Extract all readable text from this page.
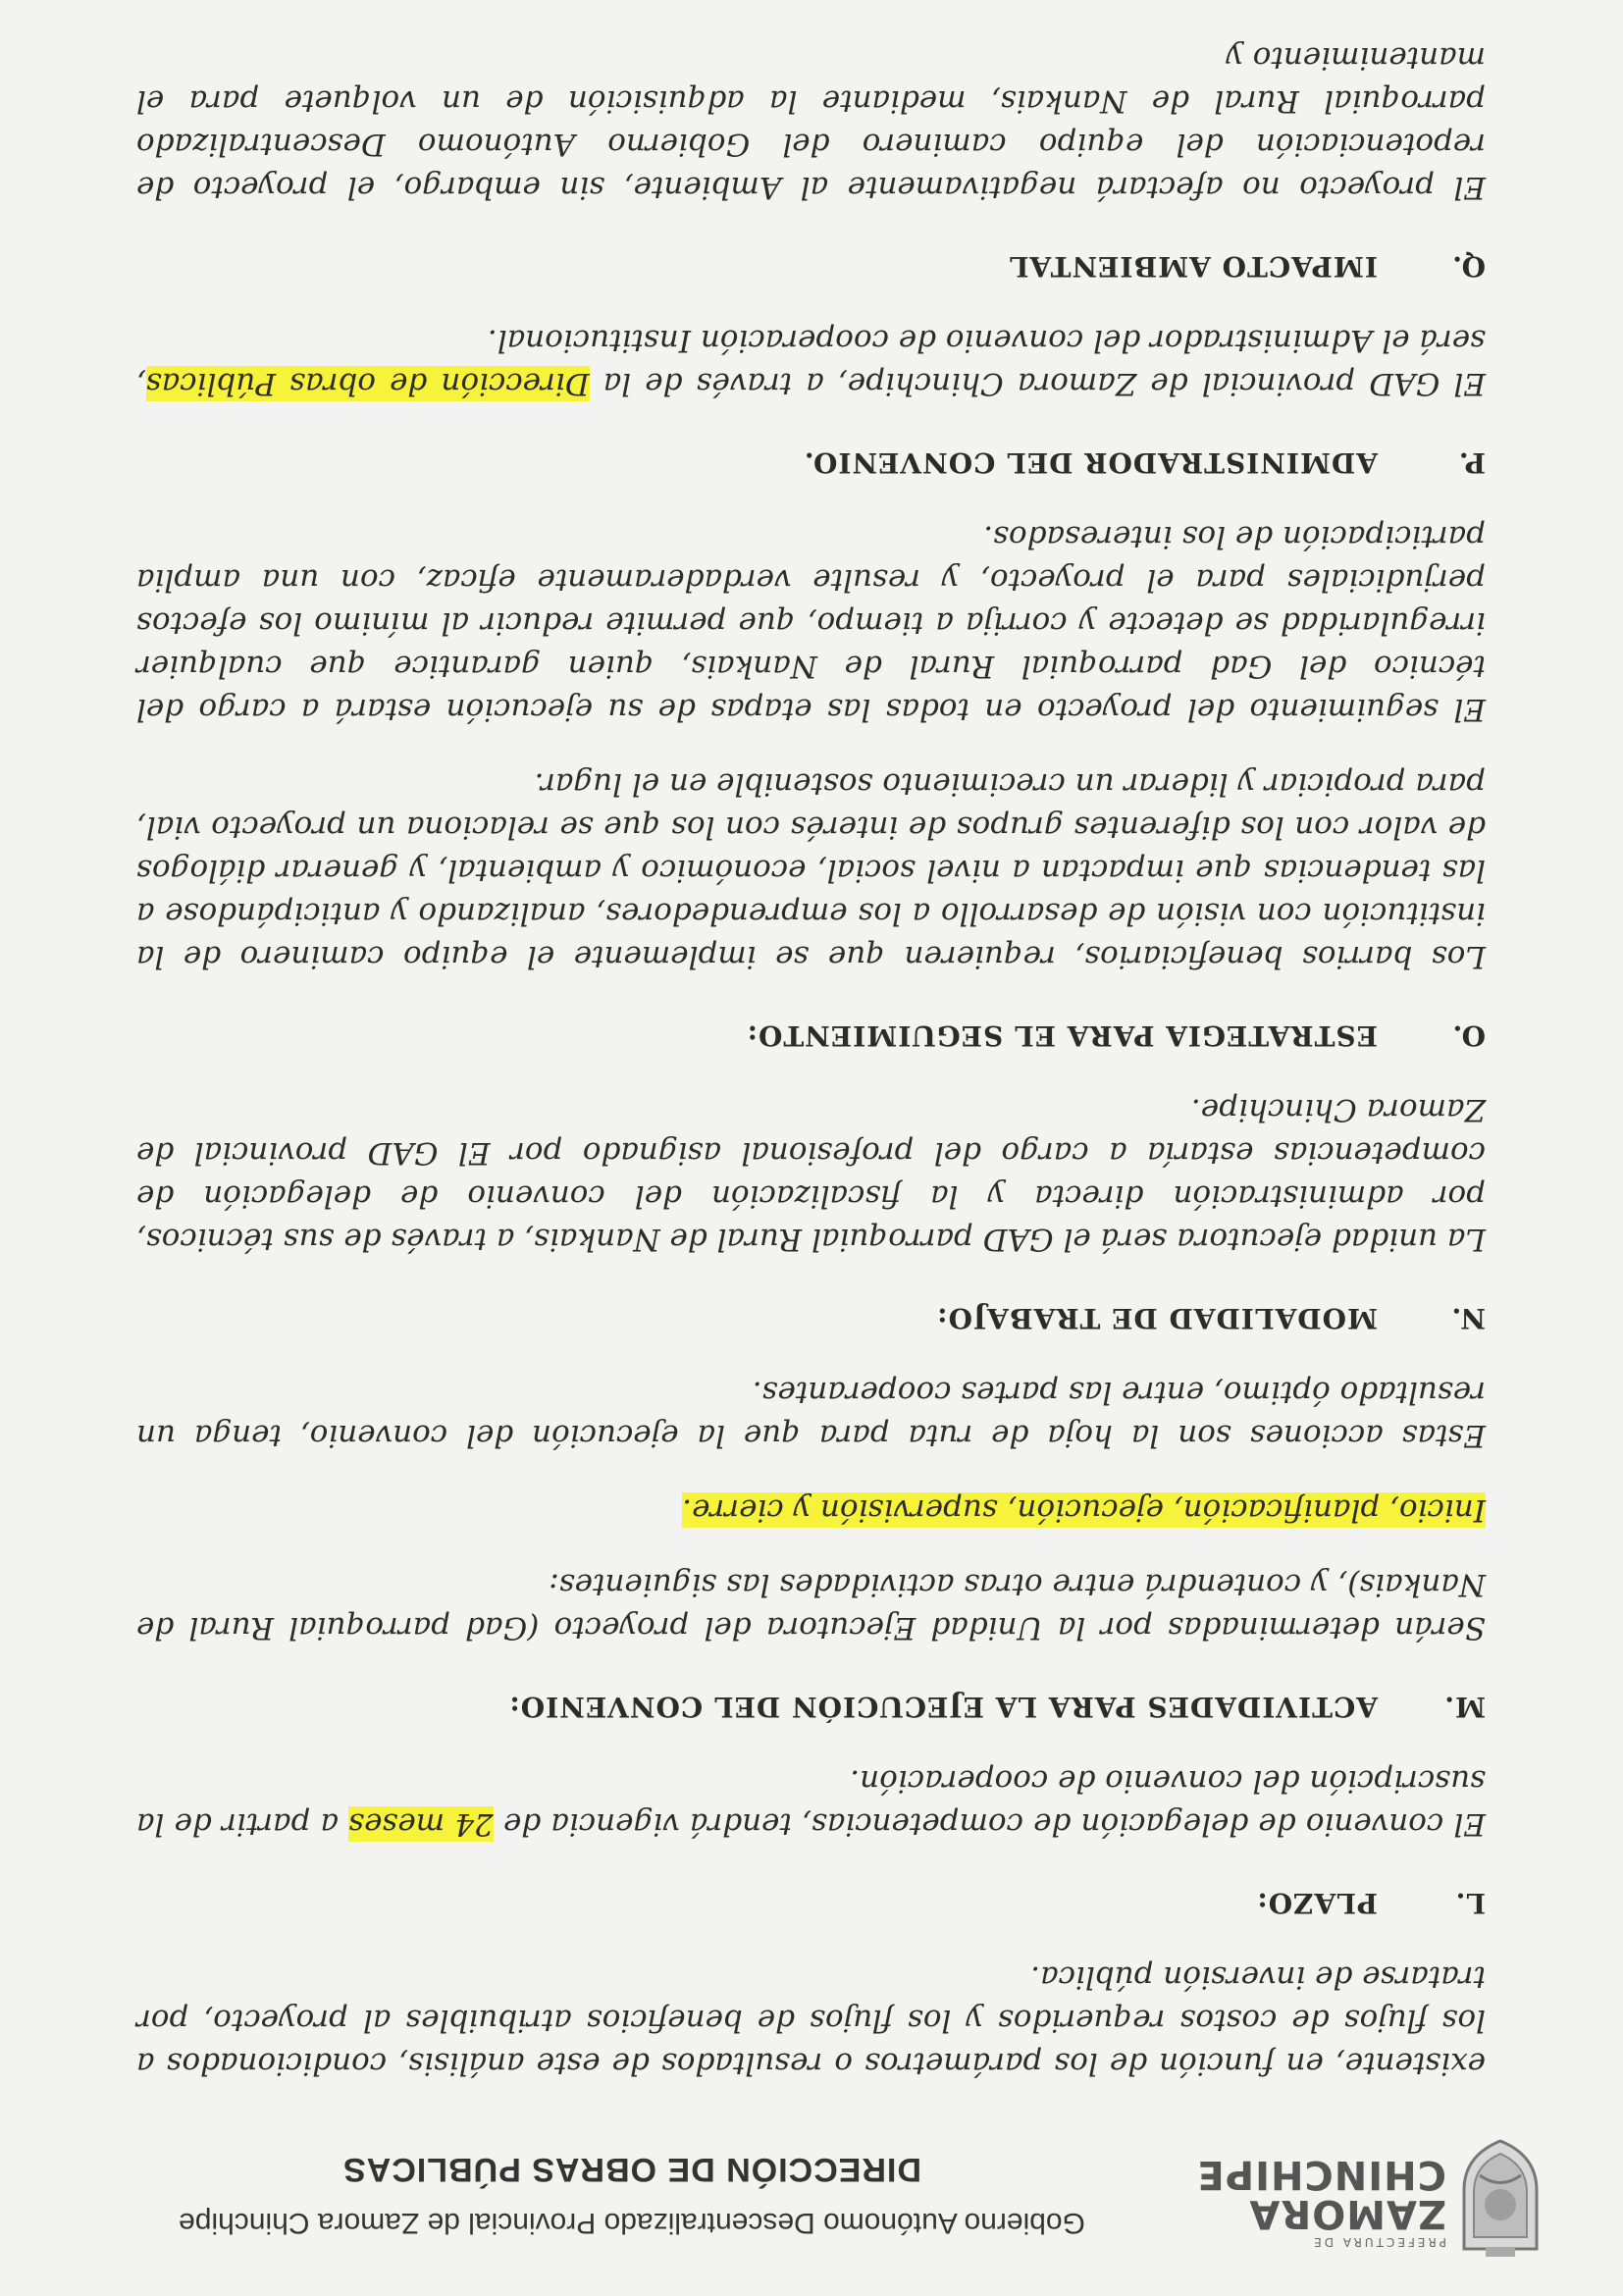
PREFECTURA DE
ZAMORA
CHINCHIPE
Gobierno Autónomo Descentralizado Provincial de Zamora Chinchipe
DIRECCIÓN DE OBRAS PÚBLICAS

existente, en función de los parámetros o resultados de este análisis, condicionados a los flujos de costos requeridos y los flujos de beneficios atribuibles al proyecto, por tratarse de inversión pública.

L.PLAZO:

El convenio de delegación de competencias, tendrá vigencia de 24 meses a partir de la suscripción del convenio de cooperación.

M.ACTIVIDADES PARA LA EJECUCIÓN DEL CONVENIO:

Serán determinadas por la Unidad Ejecutora del proyecto (Gad parroquial Rural de Nankais), y contendrá entre otras actividades las siguientes:

Inicio, planificación, ejecución, supervisión y cierre.

Estas acciones son la hoja de ruta para que la ejecución del convenio, tenga un resultado óptimo, entre las partes cooperantes.

N.MODALIDAD DE TRABAJO:

La unidad ejecutora será el GAD parroquial Rural de Nankais, a través de sus técnicos, por administración directa y la fiscalización del convenio de delegación de competencias estaría a cargo del profesional asignado por El GAD provincial de Zamora Chinchipe.

O.ESTRATEGIA PARA EL SEGUIMIENTO:

Los barrios beneficiarios, requieren que se implemente el equipo caminero de la institución con visión de desarrollo a los emprendedores, analizando y anticipándose a las tendencias que impactan a nivel social, económico y ambiental, y generar diálogos de valor con los diferentes grupos de interés con los que se relaciona un proyecto vial, para propiciar y liderar un crecimiento sostenible en el lugar.

El seguimiento del proyecto en todas las etapas de su ejecución estará a cargo del técnico del Gad parroquial Rural de Nankais, quien garantice que cualquier irregularidad se detecte y corrija a tiempo, que permite reducir al mínimo los efectos perjudiciales para el proyecto, y resulte verdaderamente eficaz, con una amplia participación de los interesados.

P.ADMINISTRADOR DEL CONVENIO.

El GAD provincial de Zamora Chinchipe, a través de la Dirección de obras Públicas, será el Administrador del convenio de cooperación Institucional.

Q.IMPACTO AMBIENTAL

El proyecto no afectará negativamente al Ambiente, sin embargo, el proyecto de repotenciación del equipo caminero del Gobierno Autónomo Descentralizado parroquial Rural de Nankais, mediante la adquisición de un volquete para el mantenimiento y
